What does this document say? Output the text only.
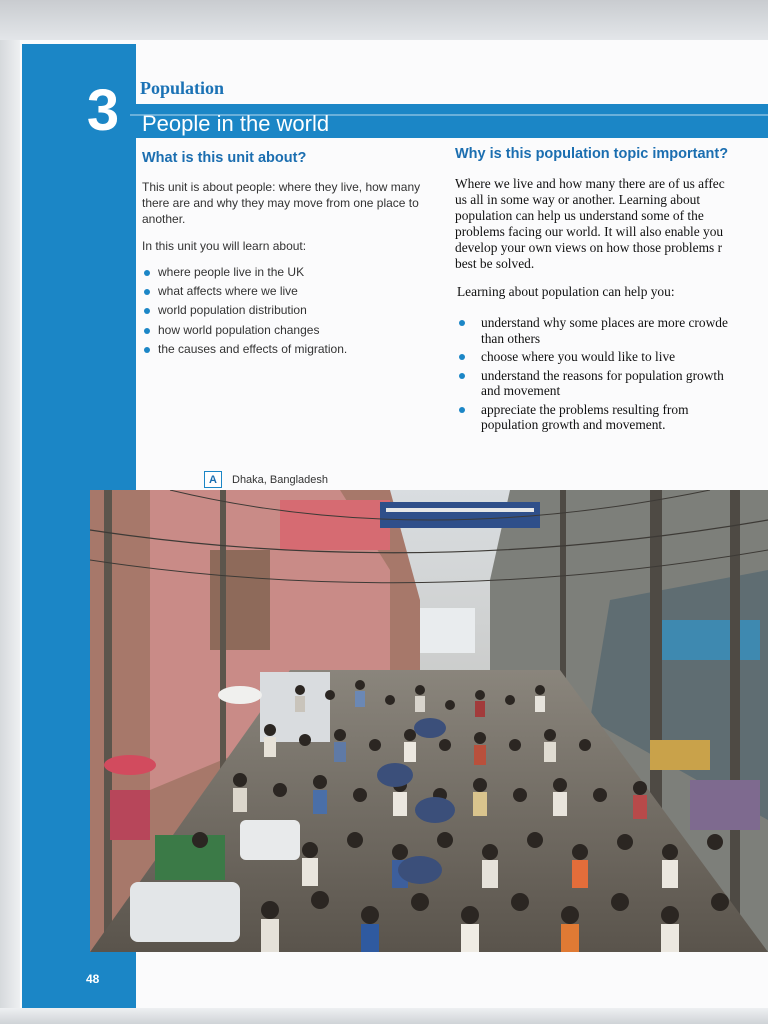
3	Population
People in the world
What is this unit about?

This unit is about people: where they live, how many there are and why they may move from one place to another.

In this unit you will learn about:

where people live in the UK
what affects where we live
world population distribution
how world population changes
the causes and effects of migration.
Why is this population topic important?

Where we live and how many there are of us affec
us all in some way or another. Learning about
population can help us understand some of the
problems facing our world. It will also enable you
develop your own views on how those problems r
best be solved.

Learning about population can help you:

understand why some places are more crowde
than others
choose where you would like to live
understand the reasons for population growth
and movement
appreciate the problems resulting from
population growth and movement.
A	Dhaka, Bangladesh
48
